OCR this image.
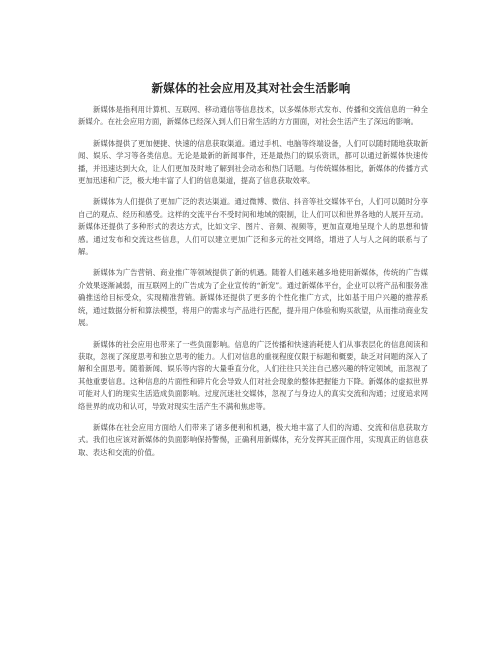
新媒体的社会应用及其对社会生活影响

新媒体是指利用计算机、互联网、移动通信等信息技术，以多媒体形式发布、传播和交流信息的一种全新媒介。在社会应用方面，新媒体已经深入到人们日常生活的方方面面，对社会生活产生了深远的影响。

新媒体提供了更加便捷、快速的信息获取渠道。通过手机、电脑等终端设备，人们可以随时随地获取新闻、娱乐、学习等各类信息。无论是最新的新闻事件，还是最热门的娱乐资讯，都可以通过新媒体快速传播，并迅速达到大众，让人们更加及时地了解到社会动态和热门话题。与传统媒体相比，新媒体的传播方式更加迅速和广泛，极大地丰富了人们的信息渠道，提高了信息获取效率。

新媒体为人们提供了更加广泛的表达渠道。通过微博、微信、抖音等社交媒体平台，人们可以随时分享自己的观点、经历和感受。这样的交流平台不受时间和地域的限制，让人们可以和世界各地的人展开互动。新媒体还提供了多种形式的表达方式，比如文字、图片、音频、视频等，更加直观地呈现个人的思想和情感。通过发布和交流这些信息，人们可以建立更加广泛和多元的社交网络，增进了人与人之间的联系与了解。

新媒体为广告营销、商业推广等领域提供了新的机遇。随着人们越来越多地使用新媒体，传统的广告媒介效果逐渐减弱，而互联网上的广告成为了企业宣传的“新宠”。通过新媒体平台，企业可以将产品和服务准确推送给目标受众，实现精准营销。新媒体还提供了更多的个性化推广方式，比如基于用户兴趣的推荐系统，通过数据分析和算法模型，将用户的需求与产品进行匹配，提升用户体验和购买欲望，从而推动商业发展。

新媒体的社会应用也带来了一些负面影响。信息的广泛传播和快速消耗使人们从事表层化的信息阅读和获取，忽视了深度思考和独立思考的能力。人们对信息的重视程度仅限于标题和概要，缺乏对问题的深入了解和全面思考。随着新闻、娱乐等内容的大量垂直分化，人们往往只关注自己感兴趣的特定领域，而忽视了其他重要信息。这种信息的片面性和碎片化会导致人们对社会现象的整体把握能力下降。新媒体的虚拟世界可能对人们的现实生活造成负面影响。过度沉迷社交媒体，忽视了与身边人的真实交流和沟通；过度追求网络世界的成功和认可，导致对现实生活产生不满和焦虑等。

新媒体在社会应用方面给人们带来了诸多便利和机遇，极大地丰富了人们的沟通、交流和信息获取方式。我们也应该对新媒体的负面影响保持警惕，正确利用新媒体，充分发挥其正面作用，实现真正的信息获取、表达和交流的价值。
